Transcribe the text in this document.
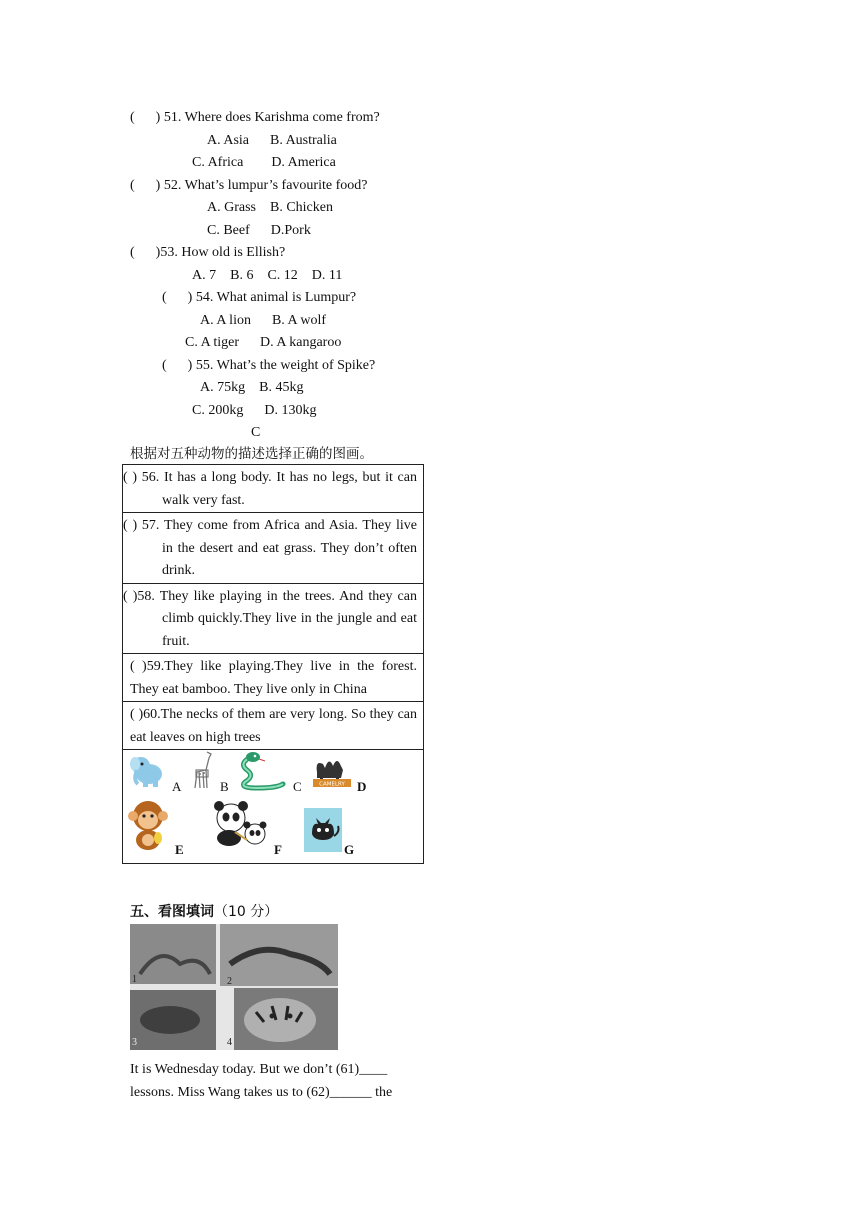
(      ) 51. Where does Karishma come from?
A. Asia      B. Australia
C. Africa        D. America
(      ) 52. What’s lumpur’s favourite food?
A. Grass    B. Chicken
C. Beef      D.Pork
(      )53. How old is Ellish?
A. 7    B. 6    C. 12    D. 11
(      ) 54. What animal is Lumpur?
A. A lion      B. A wolf
C. A tiger      D. A kangaroo
(      ) 55. What’s the weight of Spike?
A. 75kg    B. 45kg
C. 200kg      D. 130kg
C
根据对五种动物的描述选择正确的图画。
( ) 56. It has a long body. It has no legs, but it can walk very fast.
( ) 57. They come from Africa and Asia. They live in the desert and eat grass. They don’t often drink.
( )58. They like playing in the trees. And they can climb quickly.They live in the jungle and eat fruit.
( )59.They like playing.They live in the forest. They eat bamboo. They live only in China
( )60.The necks of them are very long. So they can eat leaves on high trees
A	B	C	CAMELRY D
E	F	G
五、看图填词（10 分）
1	2
3	4
It is Wednesday today. But we don’t (61)____
lessons. Miss Wang takes us to (62)______ the
